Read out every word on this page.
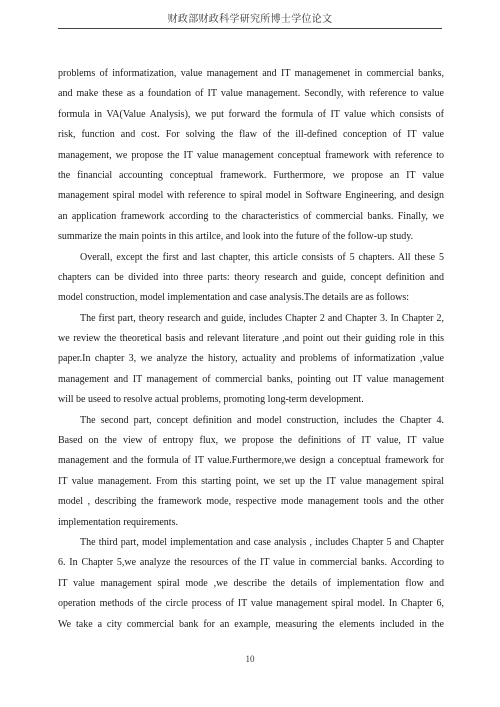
财政部财政科学研究所博士学位论文
problems of informatization, value management and IT managemenet in commercial banks,
and make these as a foundation of IT value management. Secondly, with reference to value
formula in VA(Value Analysis), we put forward the formula of IT value which consists of
risk, function and cost. For solving the flaw of the ill-defined conception of IT value
management, we propose the IT value management conceptual framework with reference to
the financial accounting conceptual framework. Furthermore, we propose an IT value
management spiral model with reference to spiral model in Software Engineering, and design
an application framework according to the characteristics of commercial banks. Finally, we
summarize the main points in this artilce, and look into the future of the follow-up study.
Overall, except the first and last chapter, this article consists of 5 chapters. All these 5
chapters can be divided into three parts: theory research and guide, concept definition and
model construction, model implementation and case analysis.The details are as follows:
The first part, theory research and guide, includes Chapter 2 and Chapter 3. In Chapter 2,
we review the theoretical basis and relevant literature ,and point out their guiding role in this
paper.In chapter 3, we analyze the history, actuality and problems of informatization ,value
management and IT management of commercial banks, pointing out IT value management
will be useed to resolve actual problems, promoting long-term development.
The second part, concept definition and model construction, includes the Chapter 4.
Based on the view of entropy flux, we propose the definitions of IT value, IT value
management and the formula of IT value.Furthermore,we design a conceptual framework for
IT value management. From this starting point, we set up the IT value management spiral
model , describing the framework mode, respective mode management tools and the other
implementation requirements.
The third part, model implementation and case analysis , includes Chapter 5 and Chapter
6. In Chapter 5,we analyze the resources of the IT value in commercial banks. According to
IT value management spiral mode ,we describe the details of implementation flow and
operation methods of the circle process of IT value management spiral model. In Chapter 6,
We take a city commercial bank for an example, measuring the elements included in the
10
